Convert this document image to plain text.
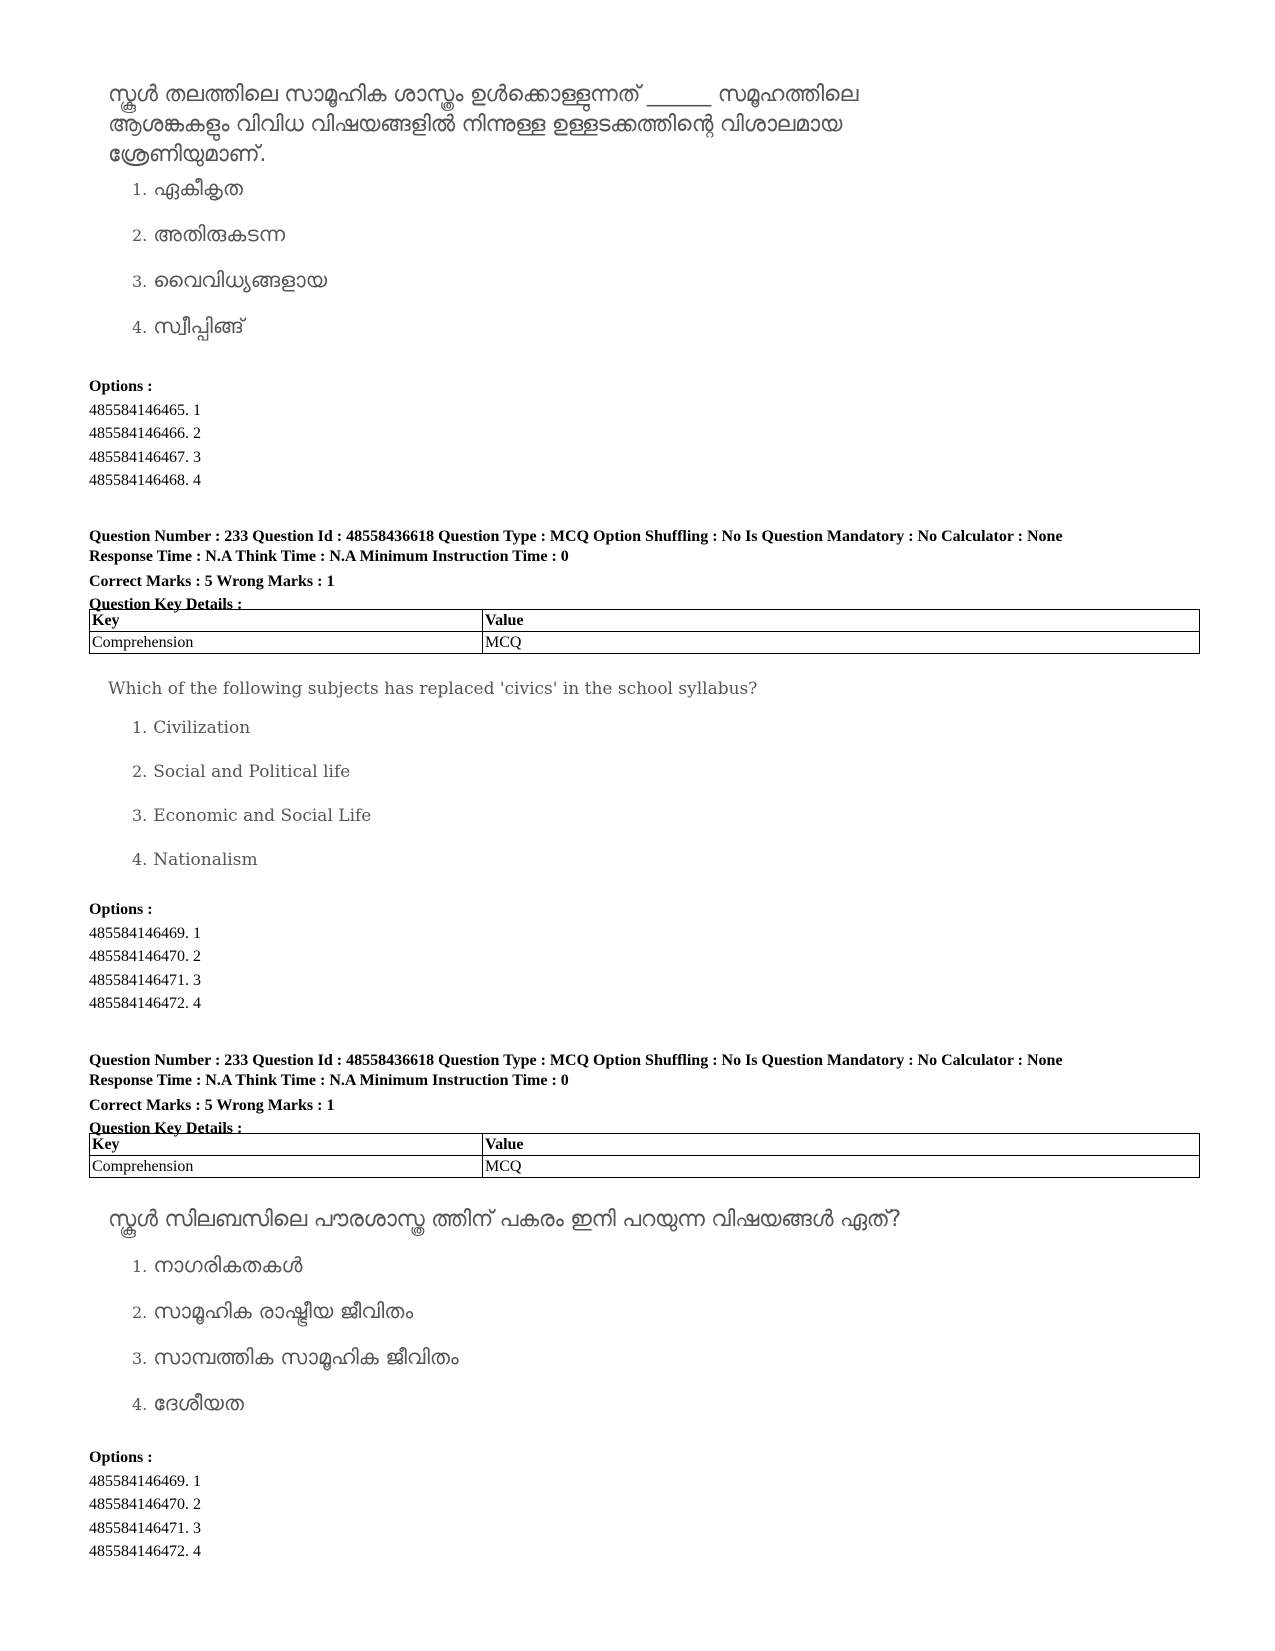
സ്കൂൾ തലത്തിലെ സാമൂഹിക ശാസ്ത്രം ഉൾക്കൊള്ളുന്നത് ______ സമൂഹത്തിലെ ആശങ്കകളും വിവിധ വിഷയങ്ങളിൽ നിന്നുള്ള ഉള്ളടക്കത്തിന്റെ വിശാലമായ ശ്രേണിയുമാണ്.
1. ഏകീകൃത
2. അതിരുകടന്ന
3. വൈവിധ്യങ്ങളായ
4. സ്വീപ്പിങ്ങ്
Options :
485584146465. 1
485584146466. 2
485584146467. 3
485584146468. 4
Question Number : 233 Question Id : 48558436618 Question Type : MCQ Option Shuffling : No Is Question Mandatory : No Calculator : None
Response Time : N.A Think Time : N.A Minimum Instruction Time : 0
Correct Marks : 5 Wrong Marks : 1
Question Key Details :
Key	Value
Comprehension	MCQ
Which of the following subjects has replaced 'civics' in the school syllabus?
1. Civilization
2. Social and Political life
3. Economic and Social Life
4. Nationalism
Options :
485584146469. 1
485584146470. 2
485584146471. 3
485584146472. 4
Question Number : 233 Question Id : 48558436618 Question Type : MCQ Option Shuffling : No Is Question Mandatory : No Calculator : None
Response Time : N.A Think Time : N.A Minimum Instruction Time : 0
Correct Marks : 5 Wrong Marks : 1
Question Key Details :
Key	Value
Comprehension	MCQ
സ്കൂൾ സിലബസിലെ പൗരശാസ്ത്ര ത്തിന് പകരം ഇനി പറയുന്ന വിഷയങ്ങൾ ഏത്?
1. നാഗരികതകൾ
2. സാമൂഹിക രാഷ്ട്രീയ ജീവിതം
3. സാമ്പത്തിക സാമൂഹിക ജീവിതം
4. ദേശീയത
Options :
485584146469. 1
485584146470. 2
485584146471. 3
485584146472. 4
